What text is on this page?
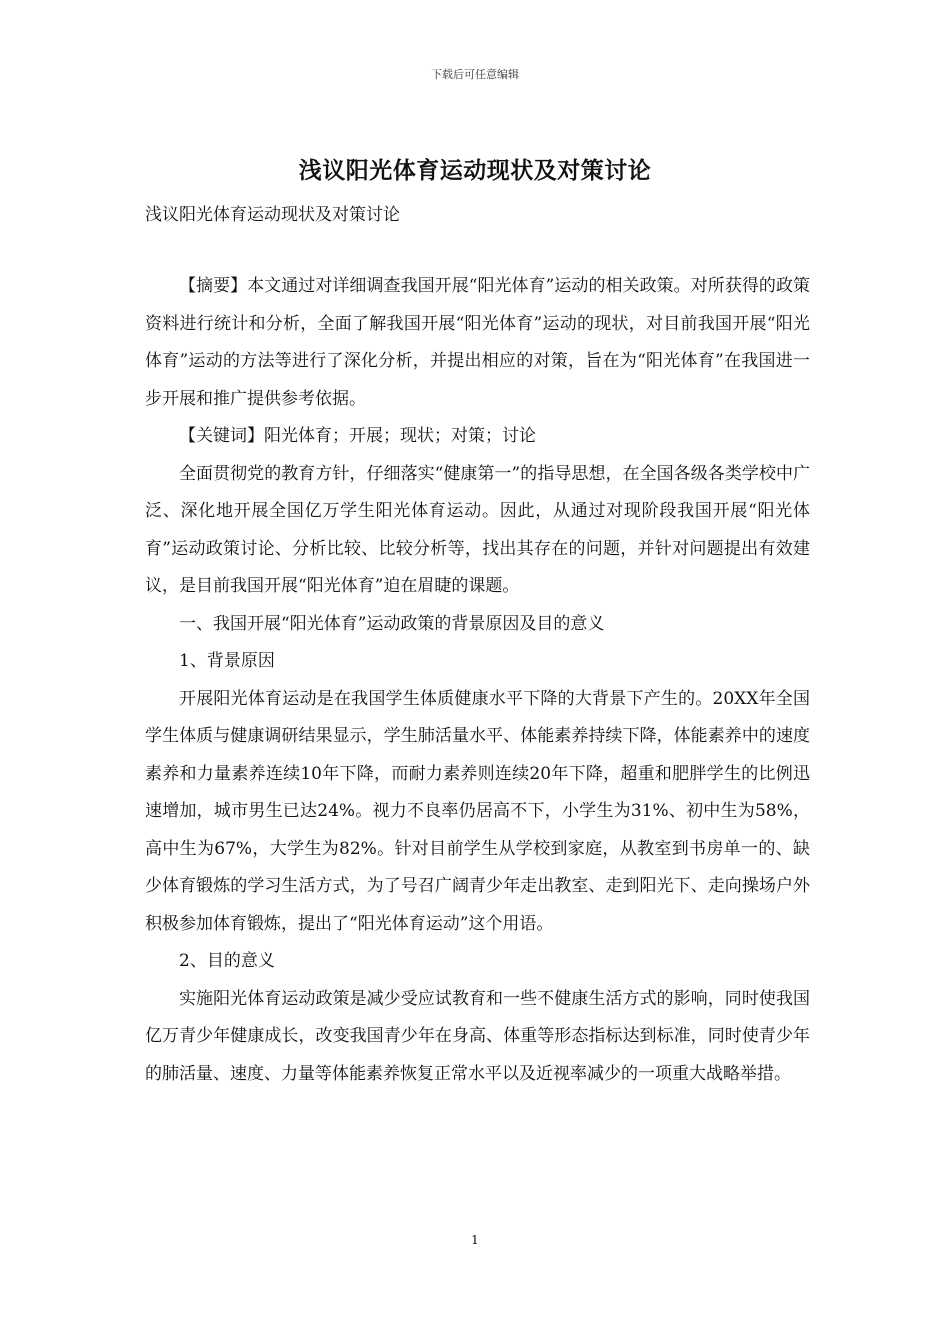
下载后可任意编辑
浅议阳光体育运动现状及对策讨论
浅议阳光体育运动现状及对策讨论

【摘要】本文通过对详细调查我国开展“阳光体育”运动的相关政策。对所获得的政策资料进行统计和分析，全面了解我国开展“阳光体育”运动的现状，对目前我国开展“阳光体育”运动的方法等进行了深化分析，并提出相应的对策，旨在为“阳光体育”在我国进一步开展和推广提供参考依据。

【关键词】阳光体育；开展；现状；对策；讨论

全面贯彻党的教育方针，仔细落实“健康第一”的指导思想，在全国各级各类学校中广泛、深化地开展全国亿万学生阳光体育运动。因此，从通过对现阶段我国开展“阳光体育”运动政策讨论、分析比较、比较分析等，找出其存在的问题，并针对问题提出有效建议，是目前我国开展“阳光体育”迫在眉睫的课题。

一、我国开展“阳光体育”运动政策的背景原因及目的意义

1、背景原因

开展阳光体育运动是在我国学生体质健康水平下降的大背景下产生的。20XX年全国学生体质与健康调研结果显示，学生肺活量水平、体能素养持续下降，体能素养中的速度素养和力量素养连续10年下降，而耐力素养则连续20年下降，超重和肥胖学生的比例迅速增加，城市男生已达24%。视力不良率仍居高不下，小学生为31%、初中生为58%，高中生为67%，大学生为82%。针对目前学生从学校到家庭，从教室到书房单一的、缺少体育锻炼的学习生活方式，为了号召广阔青少年走出教室、走到阳光下、走向操场户外积极参加体育锻炼，提出了“阳光体育运动”这个用语。

2、目的意义

实施阳光体育运动政策是减少受应试教育和一些不健康生活方式的影响，同时使我国亿万青少年健康成长，改变我国青少年在身高、体重等形态指标达到标准，同时使青少年的肺活量、速度、力量等体能素养恢复正常水平以及近视率减少的一项重大战略举措。

1
